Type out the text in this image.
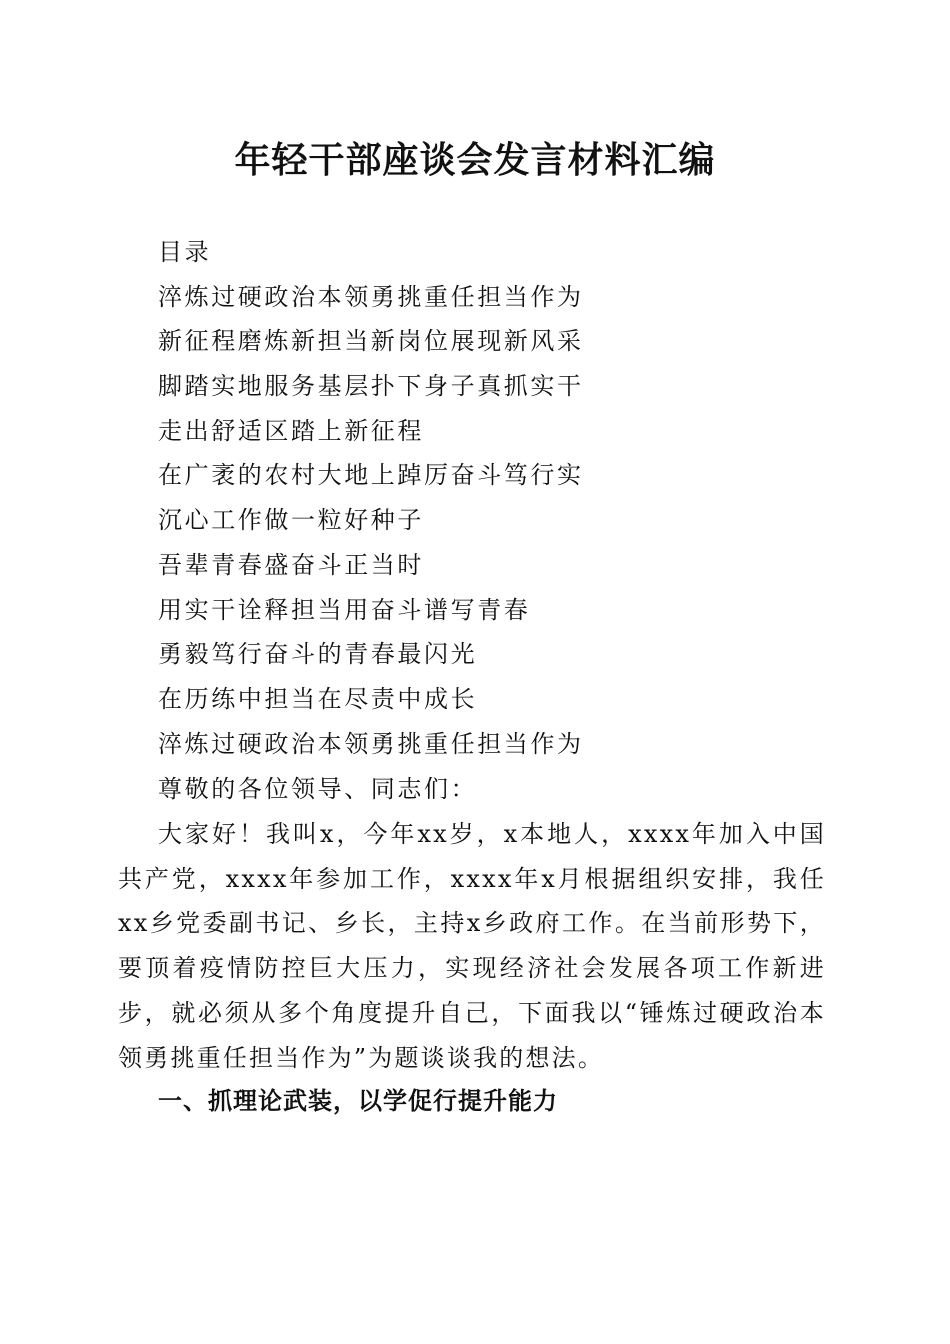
年轻干部座谈会发言材料汇编
目录
淬炼过硬政治本领勇挑重任担当作为
新征程磨炼新担当新岗位展现新风采
脚踏实地服务基层扑下身子真抓实干
走出舒适区踏上新征程
在广袤的农村大地上踔厉奋斗笃行实
沉心工作做一粒好种子
吾辈青春盛奋斗正当时
用实干诠释担当用奋斗谱写青春
勇毅笃行奋斗的青春最闪光
在历练中担当在尽责中成长
淬炼过硬政治本领勇挑重任担当作为
尊敬的各位领导、同志们：

大家好！我叫x，今年xx岁，x本地人，xxxx年加入中国共产党，xxxx年参加工作，xxxx年x月根据组织安排，我任xx乡党委副书记、乡长，主持x乡政府工作。在当前形势下，要顶着疫情防控巨大压力，实现经济社会发展各项工作新进步，就必须从多个角度提升自己，下面我以“锤炼过硬政治本领勇挑重任担当作为”为题谈谈我的想法。

一、抓理论武装，以学促行提升能力
